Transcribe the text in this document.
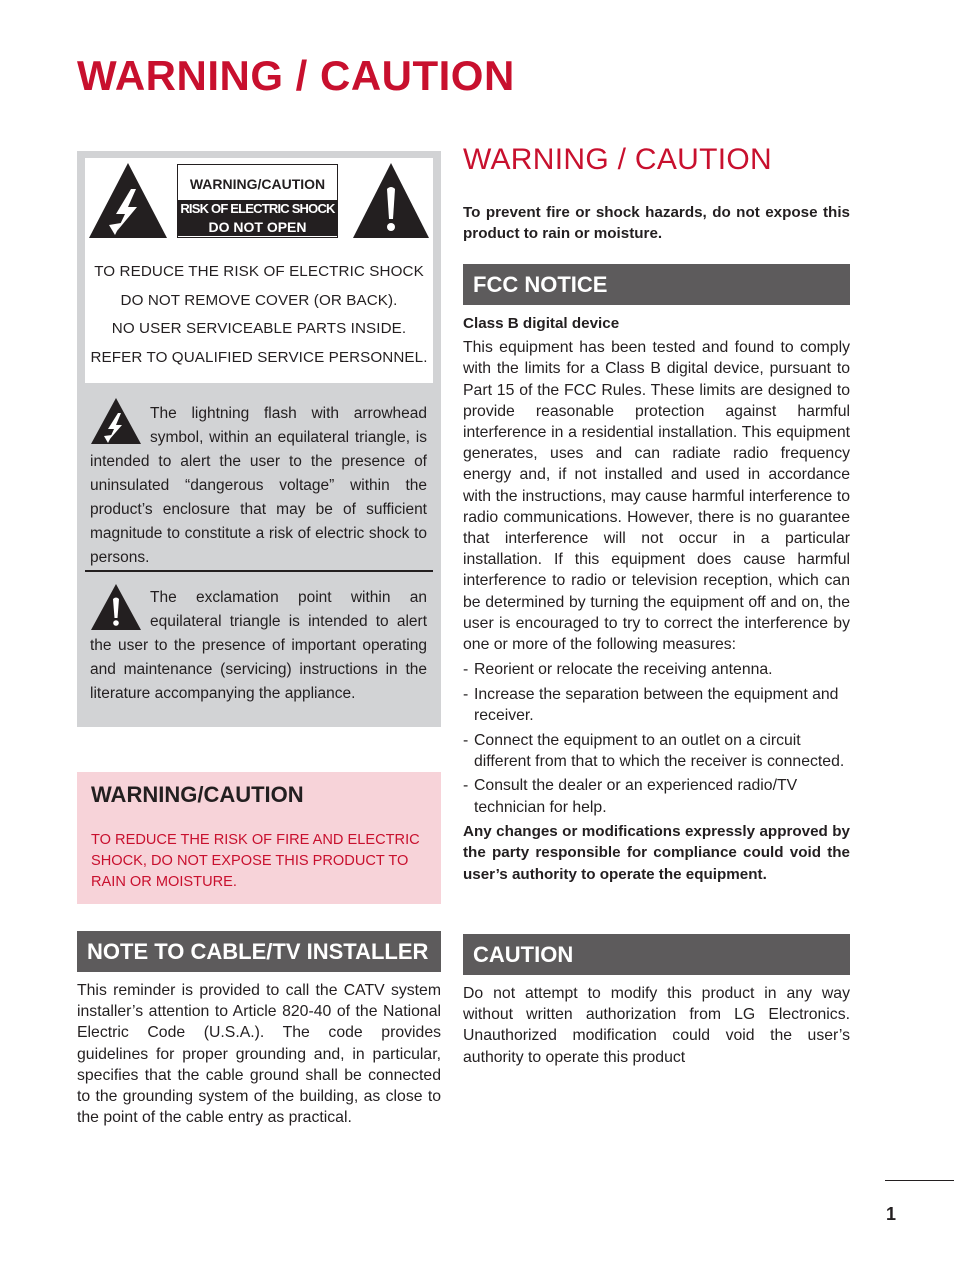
WARNING / CAUTION
WARNING/CAUTION
RISK OF ELECTRIC SHOCK
DO NOT OPEN
TO REDUCE THE RISK OF ELECTRIC SHOCK
DO NOT REMOVE COVER (OR BACK).
NO USER SERVICEABLE PARTS INSIDE.
REFER TO QUALIFIED SERVICE PERSONNEL.
The lightning flash with arrowhead symbol, within an equilateral triangle, is intended to alert the user to the presence of uninsulated “dangerous voltage” within the product’s enclosure that may be of sufficient magnitude to constitute a risk of electric shock to persons.
The exclamation point within an equilateral triangle is intended to alert the user to the presence of important operating and maintenance (servicing) instructions in the literature accompanying the appliance.
WARNING/CAUTION
TO REDUCE THE RISK OF FIRE AND ELECTRIC SHOCK, DO NOT EXPOSE THIS PRODUCT TO RAIN OR MOISTURE.
NOTE TO CABLE/TV INSTALLER
This reminder is provided to call the CATV system installer’s attention to Article 820-40 of the National Electric Code (U.S.A.). The code provides guidelines for proper grounding and, in particular, specifies that the cable ground shall be connected to the grounding system of the building, as close to the point of the cable entry as practical.
WARNING / CAUTION
To prevent fire or shock hazards, do not expose this product to rain or moisture.
FCC NOTICE
Class B digital device
This equipment has been tested and found to comply with the limits for a Class B digital device, pursuant to Part 15 of the FCC Rules. These limits are designed to provide reasonable protection against harmful interference in a residential installation. This equipment generates, uses and can radiate radio frequency energy and, if not installed and used in accordance with the instructions, may cause harmful interference to radio communications. However, there is no guarantee that interference will not occur in a particular installation. If this equipment does cause harmful interference to radio or television reception, which can be determined by turning the equipment off and on, the user is encouraged to try to correct the interference by one or more of the following measures:
- Reorient or relocate the receiving antenna.
- Increase the separation between the equipment and receiver.
- Connect the equipment to an outlet on a circuit different from that to which the receiver is connected.
- Consult the dealer or an experienced radio/TV technician for help.
Any changes or modifications expressly approved by the party responsible for compliance could void the user’s authority to operate the equipment.
CAUTION
Do not attempt to modify this product in any way without written authorization from LG Electronics. Unauthorized modification could void the user’s authority to operate this product
1
